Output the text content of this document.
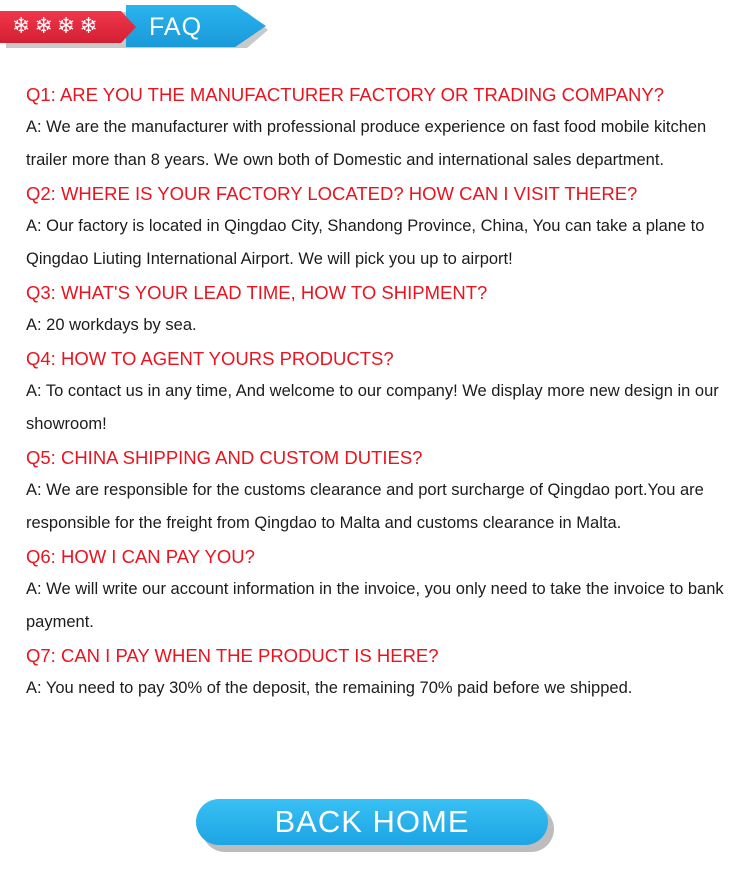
❄ ❄ ❄ ❄ FAQ

Q1: ARE YOU THE MANUFACTURER FACTORY OR TRADING COMPANY?

A: We are the manufacturer with professional produce experience on fast food mobile kitchen trailer more than 8 years. We own both of Domestic and international sales department.

Q2: WHERE IS YOUR FACTORY LOCATED? HOW CAN I VISIT THERE?

A: Our factory is located in Qingdao City, Shandong Province, China, You can take a plane to Qingdao Liuting International Airport. We will pick you up to airport!

Q3: WHAT'S YOUR LEAD TIME, HOW TO SHIPMENT?

A: 20 workdays by sea.

Q4: HOW TO AGENT YOURS PRODUCTS?

A: To contact us in any time, And welcome to our company! We display more new design in our showroom!

Q5: CHINA SHIPPING AND CUSTOM DUTIES?

A: We are responsible for the customs clearance and port surcharge of Qingdao port.You are responsible for the freight from Qingdao to Malta and customs clearance in Malta.

Q6: HOW I CAN PAY YOU?

A: We will write our account information in the invoice, you only need to take the invoice to bank payment.

Q7: CAN I PAY WHEN THE PRODUCT IS HERE?

A: You need to pay 30% of the deposit, the remaining 70% paid before we shipped.

BACK HOME
